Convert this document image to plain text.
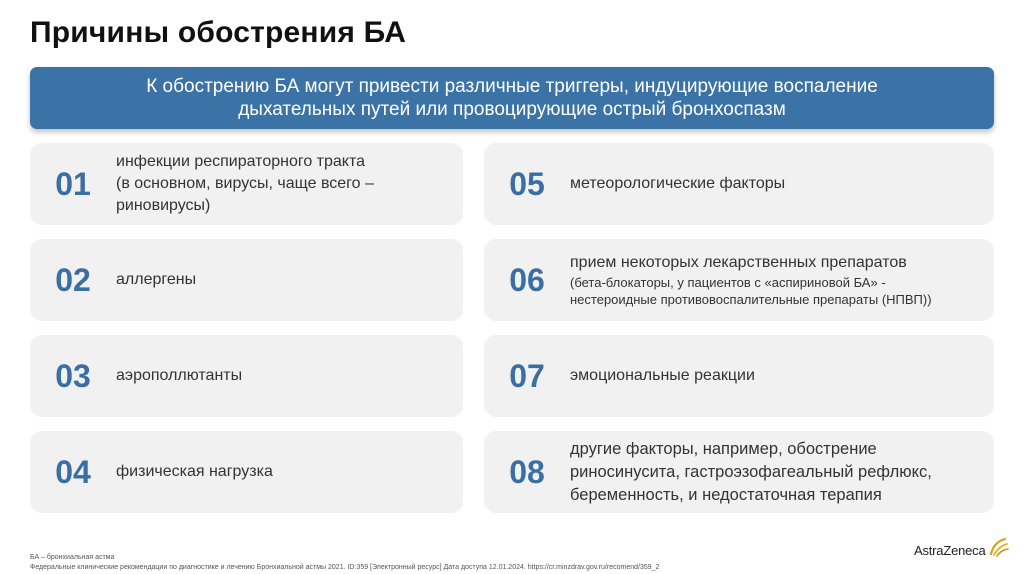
Причины обострения БА
К обострению БА могут привести различные триггеры, индуцирующие воспаление
дыхательных путей или провоцирующие острый бронхоспазм
01
инфекции респираторного тракта
(в основном, вирусы, чаще всего –
риновирусы)
02	аллергены
03	аэрополлютанты
04	физическая нагрузка
05	метеорологические факторы
06	прием некоторых лекарственных препаратов
(бета-блокаторы, у пациентов с «аспириновой БА» -
нестероидные противовоспалительные препараты (НПВП))
07	эмоциональные реакции
08
другие факторы, например, обострение
риносинусита, гастроэзофагеальный рефлюкс,
беременность, и недостаточная терапия
БА – бронхиальная астма
Федеральные клинические рекомендации по диагностике и лечению Бронхиальной астмы 2021. ID:359 [Электронный ресурс] Дата доступа 12.01.2024. https://cr.minzdrav.gov.ru/recomend/359_2
AstraZeneca
